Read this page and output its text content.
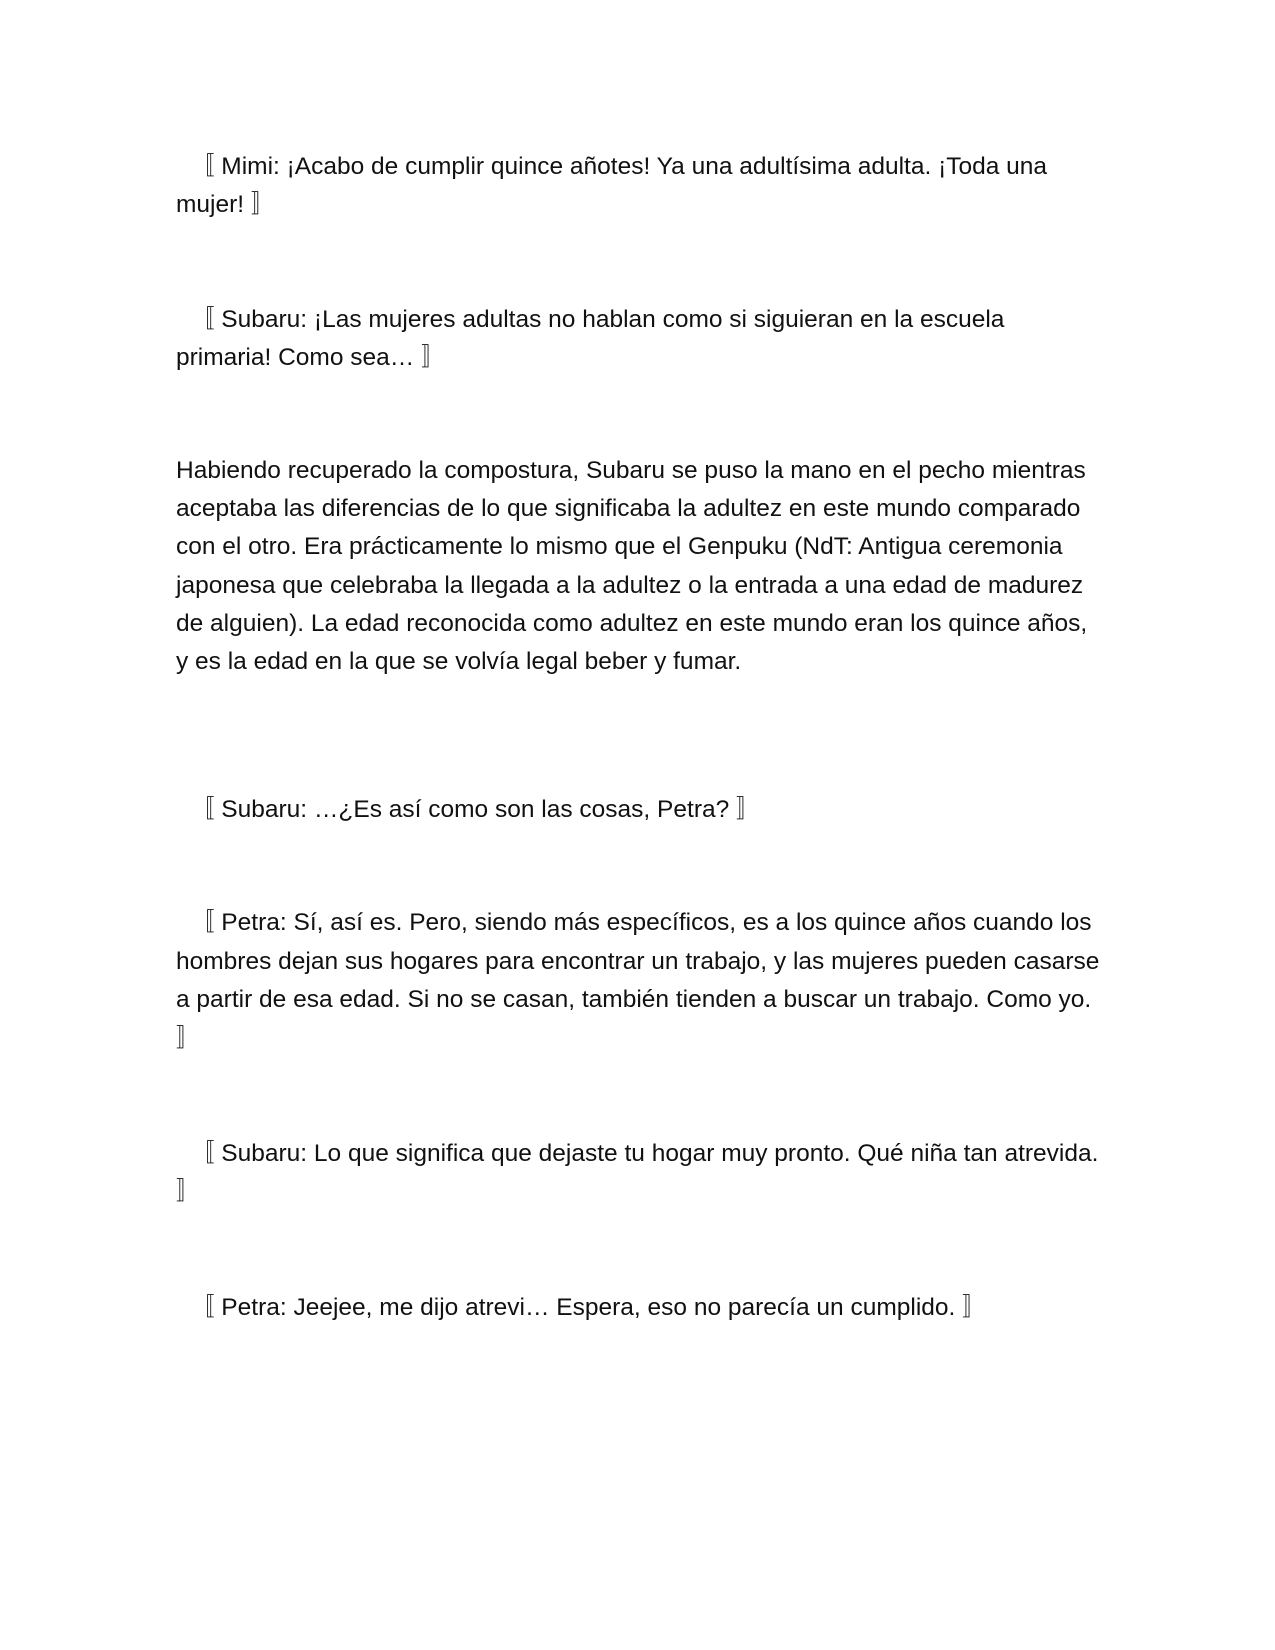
〚 Mimi: ¡Acabo de cumplir quince añotes! Ya una adultísima adulta. ¡Toda una mujer! 〛

〚 Subaru: ¡Las mujeres adultas no hablan como si siguieran en la escuela primaria! Como sea… 〛

Habiendo recuperado la compostura, Subaru se puso la mano en el pecho mientras aceptaba las diferencias de lo que significaba la adultez en este mundo comparado con el otro. Era prácticamente lo mismo que el Genpuku (NdT: Antigua ceremonia japonesa que celebraba la llegada a la adultez o la entrada a una edad de madurez de alguien). La edad reconocida como adultez en este mundo eran los quince años, y es la edad en la que se volvía legal beber y fumar.

〚 Subaru: …¿Es así como son las cosas, Petra? 〛

〚 Petra: Sí, así es. Pero, siendo más específicos, es a los quince años cuando los hombres dejan sus hogares para encontrar un trabajo, y las mujeres pueden casarse a partir de esa edad. Si no se casan, también tienden a buscar un trabajo. Como yo. 〛

〚 Subaru: Lo que significa que dejaste tu hogar muy pronto. Qué niña tan atrevida. 〛

〚 Petra: Jeejee, me dijo atrevi… Espera, eso no parecía un cumplido. 〛
